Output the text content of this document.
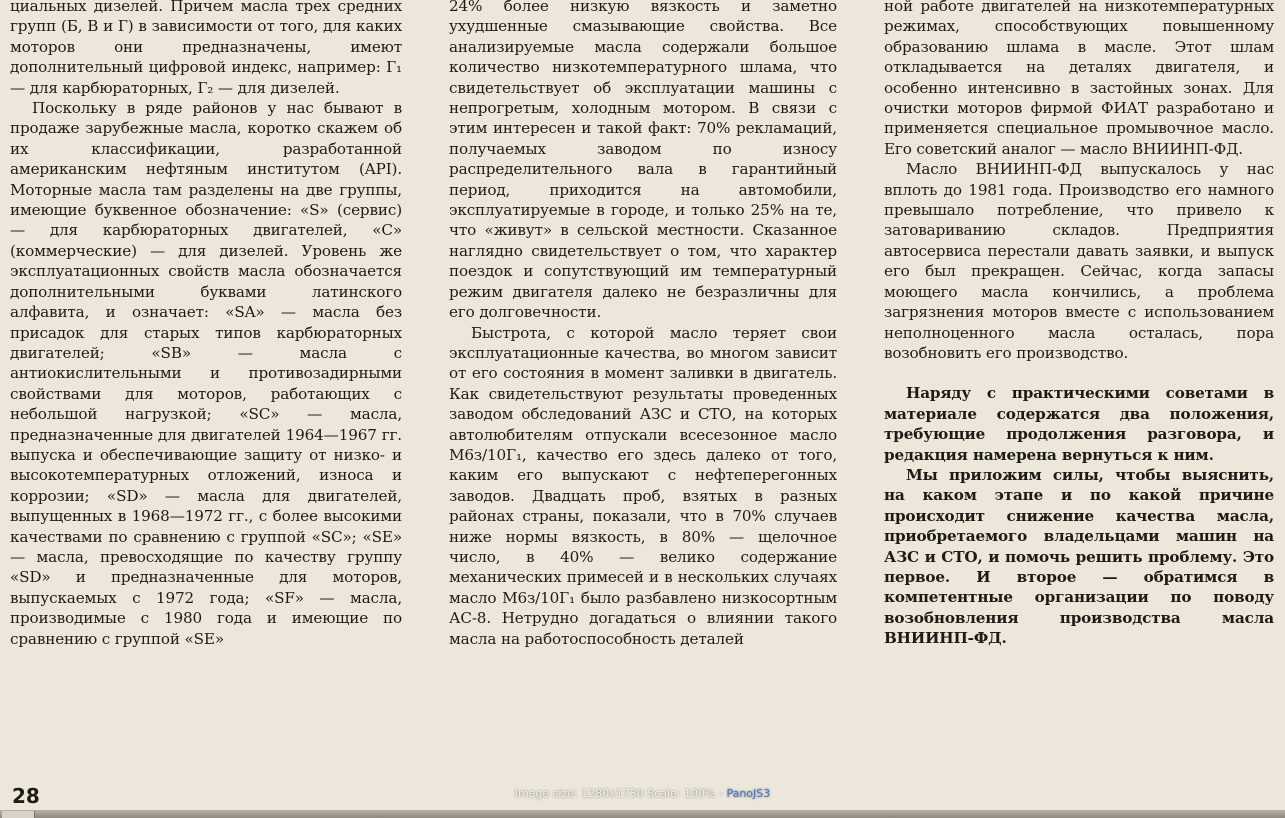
циальных дизелей. Причем масла трех средних групп (Б, В и Г) в зависимости от того, для каких моторов они предназначены, имеют дополнительный цифровой индекс, например: Г₁ — для карбюраторных, Г₂ — для дизелей.

Поскольку в ряде районов у нас бывают в продаже зарубежные масла, коротко скажем об их классификации, разработанной американским нефтяным институтом (API). Моторные масла там разделены на две группы, имеющие буквенное обозначение: «S» (сервис) — для карбюраторных двигателей, «C» (коммерческие) — для дизелей. Уровень же эксплуатационных свойств масла обозначается дополнительными буквами латинского алфавита, и означает: «SA» — масла без присадок для старых типов карбюраторных двигателей; «SB» — масла с антиокислительными и противозадирными свойствами для моторов, работающих с небольшой нагрузкой; «SC» — масла, предназначенные для двигателей 1964—1967 гг. выпуска и обеспечивающие защиту от низко- и высокотемпературных отложений, износа и коррозии; «SD» — масла для двигателей, выпущенных в 1968—1972 гг., с более высокими качествами по сравнению с группой «SC»; «SE» — масла, превосходящие по качеству группу «SD» и предназначенные для моторов, выпускаемых с 1972 года; «SF» — масла, производимые с 1980 года и имеющие по сравнению с группой «SE»

24% более низкую вязкость и заметно ухудшенные смазывающие свойства. Все анализируемые масла содержали большое количество низкотемпературного шлама, что свидетельствует об эксплуатации машины с непрогретым, холодным мотором. В связи с этим интересен и такой факт: 70% рекламаций, получаемых заводом по износу распределительного вала в гарантийный период, приходится на автомобили, эксплуатируемые в городе, и только 25% на те, что «живут» в сельской местности. Сказанное наглядно свидетельствует о том, что характер поездок и сопутствующий им температурный режим двигателя далеко не безразличны для его долговечности.

Быстрота, с которой масло теряет свои эксплуатационные качества, во многом зависит от его состояния в момент заливки в двигатель. Как свидетельствуют результаты проведенных заводом обследований АЗС и СТО, на которых автолюбителям отпускали всесезонное масло М6з/10Г₁, качество его здесь далеко от того, каким его выпускают с нефтеперегонных заводов. Двадцать проб, взятых в разных районах страны, показали, что в 70% случаев ниже нормы вязкость, в 80% — щелочное число, в 40% — велико содержание механических примесей и в нескольких случаях масло М6з/10Г₁ было разбавлено низкосортным АС-8. Нетрудно догадаться о влиянии такого масла на работоспособность деталей

ной работе двигателей на низкотемпературных режимах, способствующих повышенному образованию шлама в масле. Этот шлам откладывается на деталях двигателя, и особенно интенсивно в застойных зонах. Для очистки моторов фирмой ФИАТ разработано и применяется специальное промывочное масло. Его советский аналог — масло ВНИИНП-ФД.

Масло ВНИИНП-ФД выпускалось у нас вплоть до 1981 года. Производство его намного превышало потребление, что привело к затовариванию складов. Предприятия автосервиса перестали давать заявки, и выпуск его был прекращен. Сейчас, когда запасы моющего масла кончились, а проблема загрязнения моторов вместе с использованием неполноценного масла осталась, пора возобновить его производство.

Наряду с практическими советами в материале содержатся два положения, требующие продолжения разговора, и редакция намерена вернуться к ним.

Мы приложим силы, чтобы выяснить, на каком этапе и по какой причине происходит снижение качества масла, приобретаемого владельцами машин на АЗС и СТО, и помочь решить проблему. Это первое. И второе — обратимся в компетентные организации по поводу возобновления производства масла ВНИИНП-ФД.

28	Image size: 1280x1730 Scale: 100% - PanoJS3
